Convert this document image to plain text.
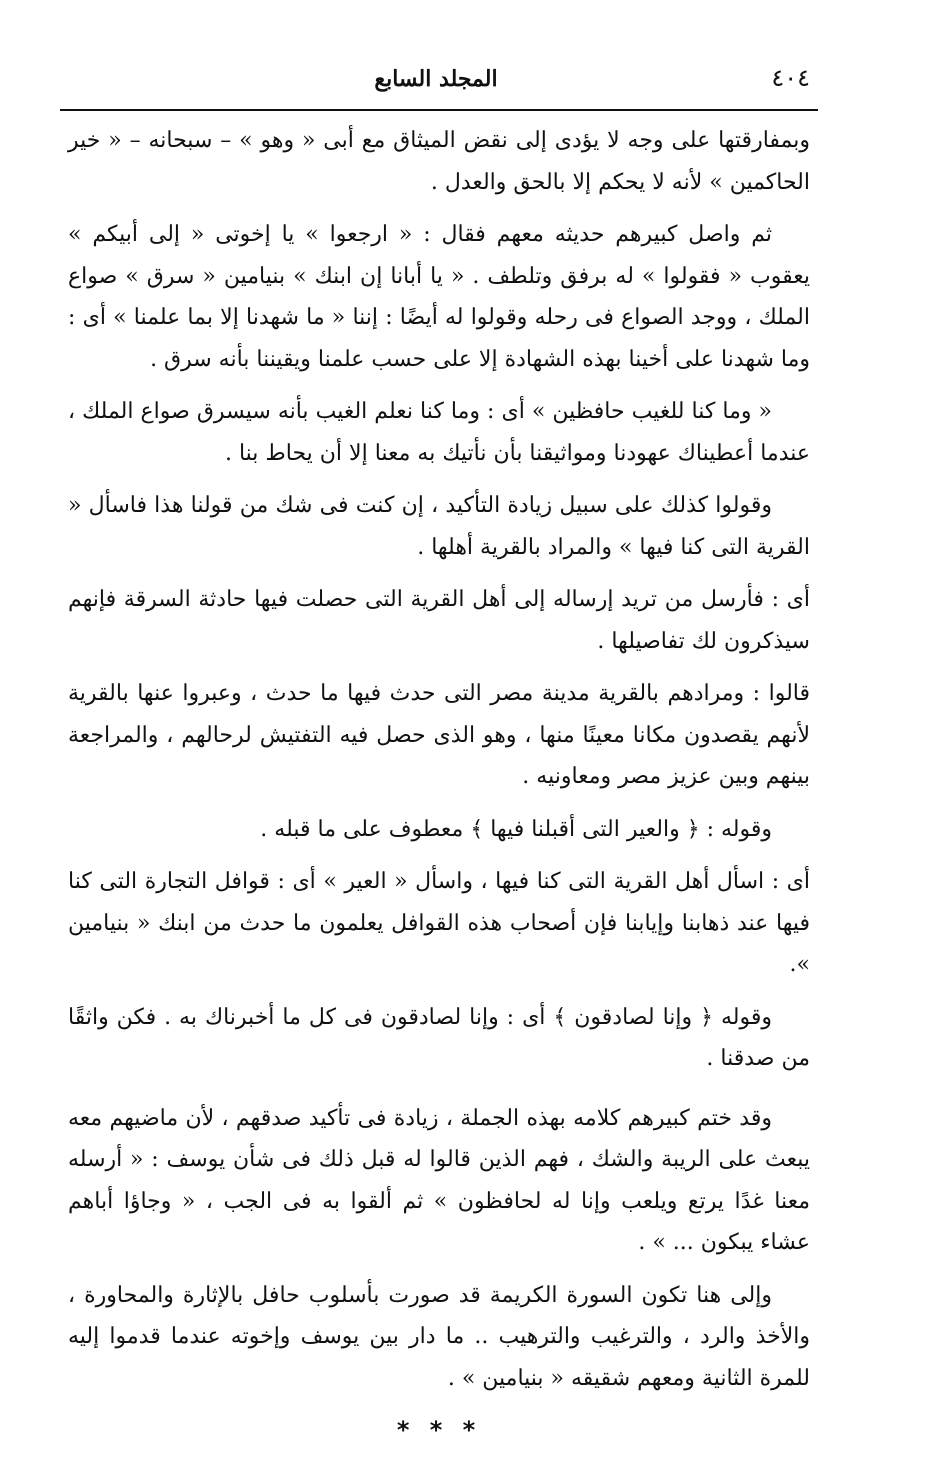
٤٠٤
المجلد السابع

وبمفارقتها على وجه لا يؤدى إلى نقض الميثاق مع أبى « وهو » – سبحانه – « خير الحاكمين » لأنه لا يحكم إلا بالحق والعدل .

ثم واصل كبيرهم حديثه معهم فقال : « ارجعوا » يا إخوتى « إلى أبيكم » يعقوب « فقولوا » له برفق وتلطف . « يا أبانا إن ابنك » بنيامين « سرق » صواع الملك ، ووجد الصواع فى رحله وقولوا له أيضًا : إننا « ما شهدنا إلا بما علمنا » أى : وما شهدنا على أخينا بهذه الشهادة إلا على حسب علمنا ويقيننا بأنه سرق .

« وما كنا للغيب حافظين » أى : وما كنا نعلم الغيب بأنه سيسرق صواع الملك ، عندما أعطيناك عهودنا ومواثيقنا بأن نأتيك به معنا إلا أن يحاط بنا .

وقولوا كذلك على سبيل زيادة التأكيد ، إن كنت فى شك من قولنا هذا فاسأل « القرية التى كنا فيها » والمراد بالقرية أهلها .

أى : فأرسل من تريد إرساله إلى أهل القرية التى حصلت فيها حادثة السرقة فإنهم سيذكرون لك تفاصيلها .

قالوا : ومرادهم بالقرية مدينة مصر التى حدث فيها ما حدث ، وعبروا عنها بالقرية لأنهم يقصدون مكانا معينًا منها ، وهو الذى حصل فيه التفتيش لرحالهم ، والمراجعة بينهم وبين عزيز مصر ومعاونيه .

وقوله : ﴿ والعير التى أقبلنا فيها ﴾ معطوف على ما قبله .

أى : اسأل أهل القرية التى كنا فيها ، واسأل « العير » أى : قوافل التجارة التى كنا فيها عند ذهابنا وإيابنا فإن أصحاب هذه القوافل يعلمون ما حدث من ابنك « بنيامين ».

وقوله ﴿ وإنا لصادقون ﴾ أى : وإنا لصادقون فى كل ما أخبرناك به . فكن واثقًا من صدقنا .

وقد ختم كبيرهم كلامه بهذه الجملة ، زيادة فى تأكيد صدقهم ، لأن ماضيهم معه يبعث على الريبة والشك ، فهم الذين قالوا له قبل ذلك فى شأن يوسف : « أرسله معنا غدًا يرتع ويلعب وإنا له لحافظون » ثم ألقوا به فى الجب ، « وجاؤا أباهم عشاء يبكون ... » .

وإلى هنا تكون السورة الكريمة قد صورت بأسلوب حافل بالإثارة والمحاورة ، والأخذ والرد ، والترغيب والترهيب .. ما دار بين يوسف وإخوته عندما قدموا إليه للمرة الثانية ومعهم شقيقه « بنيامين » .

* * *
